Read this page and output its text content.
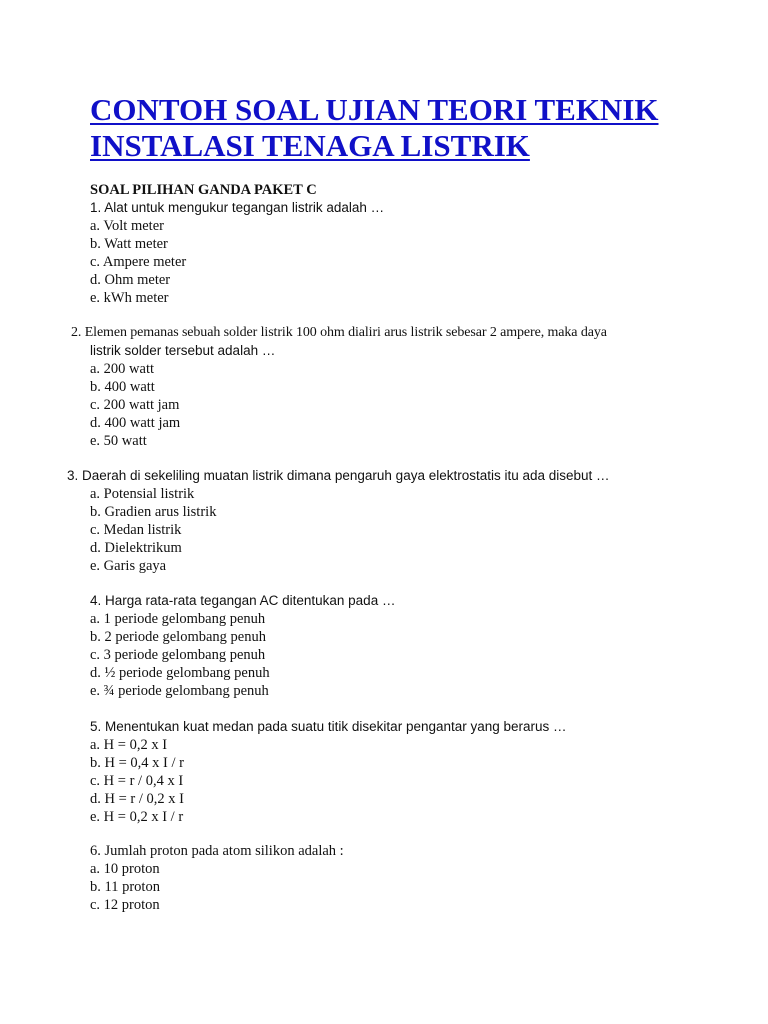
CONTOH SOAL UJIAN TEORI TEKNIK
INSTALASI TENAGA LISTRIK
SOAL PILIHAN GANDA PAKET C
1. Alat untuk mengukur tegangan listrik adalah …
a. Volt meter
b. Watt meter
c. Ampere meter
d. Ohm meter
e. kWh meter
2. Elemen pemanas sebuah solder listrik 100 ohm dialiri arus listrik sebesar 2 ampere, maka daya
listrik solder tersebut adalah …
a. 200 watt
b. 400 watt
c. 200 watt jam
d. 400 watt jam
e. 50 watt
3. Daerah di sekeliling muatan listrik dimana pengaruh gaya elektrostatis itu ada disebut …
a. Potensial listrik
b. Gradien arus listrik
c. Medan listrik
d. Dielektrikum
e. Garis gaya
4. Harga rata-rata tegangan AC ditentukan pada …
a. 1 periode gelombang penuh
b. 2 periode gelombang penuh
c. 3 periode gelombang penuh
d. ½ periode gelombang penuh
e. ¾ periode gelombang penuh
5. Menentukan kuat medan pada suatu titik disekitar pengantar yang berarus …
a. H = 0,2 x I
b. H = 0,4 x I / r
c. H = r / 0,4 x I
d. H = r / 0,2 x I
e. H = 0,2 x I / r
6. Jumlah proton pada atom silikon adalah :
a. 10 proton
b. 11 proton
c. 12 proton
